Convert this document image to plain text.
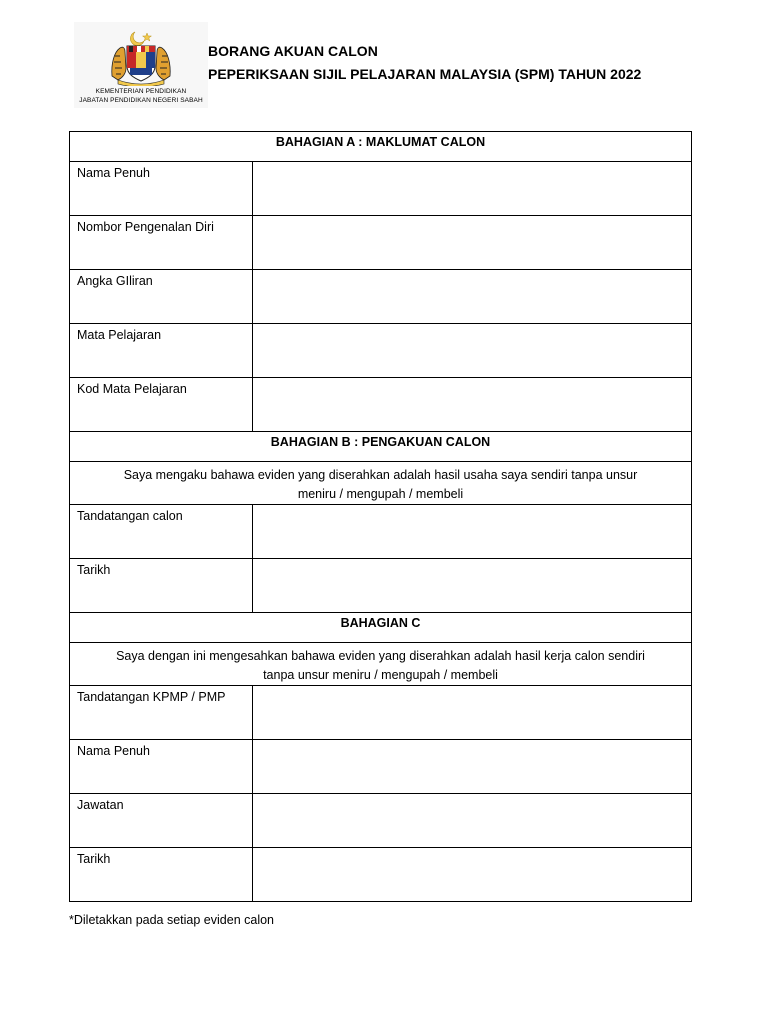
KEMENTERIAN PENDIDIKAN
JABATAN PENDIDIKAN NEGERI SABAH
BORANG AKUAN CALON
PEPERIKSAAN SIJIL PELAJARAN MALAYSIA (SPM) TAHUN 2022
BAHAGIAN A : MAKLUMAT CALON	

Nama Penuh	

Nombor Pengenalan Diri	

Angka GIliran	

Mata Pelajaran	

Kod Mata Pelajaran	

BAHAGIAN B : PENGAKUAN CALON	

Saya mengaku bahawa eviden yang diserahkan adalah hasil usaha saya sendiri tanpa unsur meniru / mengupah / membeli	

Tandatangan calon	

Tarikh	

BAHAGIAN C	

Saya dengan ini mengesahkan bahawa eviden yang diserahkan adalah hasil kerja calon sendiri tanpa unsur meniru / mengupah / membeli	

Tandatangan KPMP / PMP	

Nama Penuh	

Jawatan	

Tarikh	

*Diletakkan pada setiap eviden calon
